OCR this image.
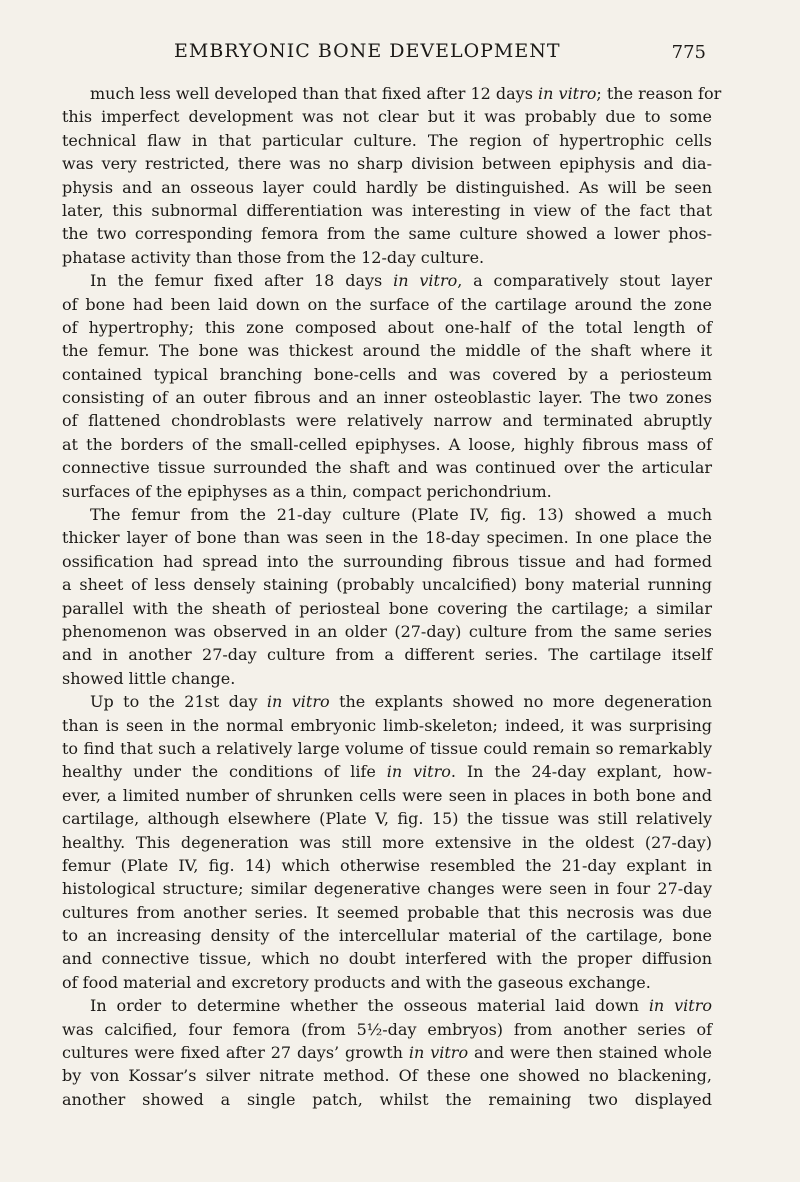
EMBRYONIC BONE DEVELOPMENT	775

much less well developed than that fixed after 12 days in vitro; the reason for
this imperfect development was not clear but it was probably due to some
technical flaw in that particular culture. The region of hypertrophic cells
was very restricted, there was no sharp division between epiphysis and dia-
physis and an osseous layer could hardly be distinguished. As will be seen
later, this subnormal differentiation was interesting in view of the fact that
the two corresponding femora from the same culture showed a lower phos-
phatase activity than those from the 12-day culture.

In the femur fixed after 18 days in vitro, a comparatively stout layer
of bone had been laid down on the surface of the cartilage around the zone
of hypertrophy; this zone composed about one-half of the total length of
the femur. The bone was thickest around the middle of the shaft where it
contained typical branching bone-cells and was covered by a periosteum
consisting of an outer fibrous and an inner osteoblastic layer. The two zones
of flattened chondroblasts were relatively narrow and terminated abruptly
at the borders of the small-celled epiphyses. A loose, highly fibrous mass of
connective tissue surrounded the shaft and was continued over the articular
surfaces of the epiphyses as a thin, compact perichondrium.

The femur from the 21-day culture (Plate IV, fig. 13) showed a much
thicker layer of bone than was seen in the 18-day specimen. In one place the
ossification had spread into the surrounding fibrous tissue and had formed
a sheet of less densely staining (probably uncalcified) bony material running
parallel with the sheath of periosteal bone covering the cartilage; a similar
phenomenon was observed in an older (27-day) culture from the same series
and in another 27-day culture from a different series. The cartilage itself
showed little change.

Up to the 21st day in vitro the explants showed no more degeneration
than is seen in the normal embryonic limb-skeleton; indeed, it was surprising
to find that such a relatively large volume of tissue could remain so remarkably
healthy under the conditions of life in vitro. In the 24-day explant, how-
ever, a limited number of shrunken cells were seen in places in both bone and
cartilage, although elsewhere (Plate V, fig. 15) the tissue was still relatively
healthy. This degeneration was still more extensive in the oldest (27-day)
femur (Plate IV, fig. 14) which otherwise resembled the 21-day explant in
histological structure; similar degenerative changes were seen in four 27-day
cultures from another series. It seemed probable that this necrosis was due
to an increasing density of the intercellular material of the cartilage, bone
and connective tissue, which no doubt interfered with the proper diffusion
of food material and excretory products and with the gaseous exchange.

In order to determine whether the osseous material laid down in vitro
was calcified, four femora (from 5½-day embryos) from another series of
cultures were fixed after 27 days’ growth in vitro and were then stained whole
by von Kossar’s silver nitrate method. Of these one showed no blackening,
another showed a single patch, whilst the remaining two displayed
